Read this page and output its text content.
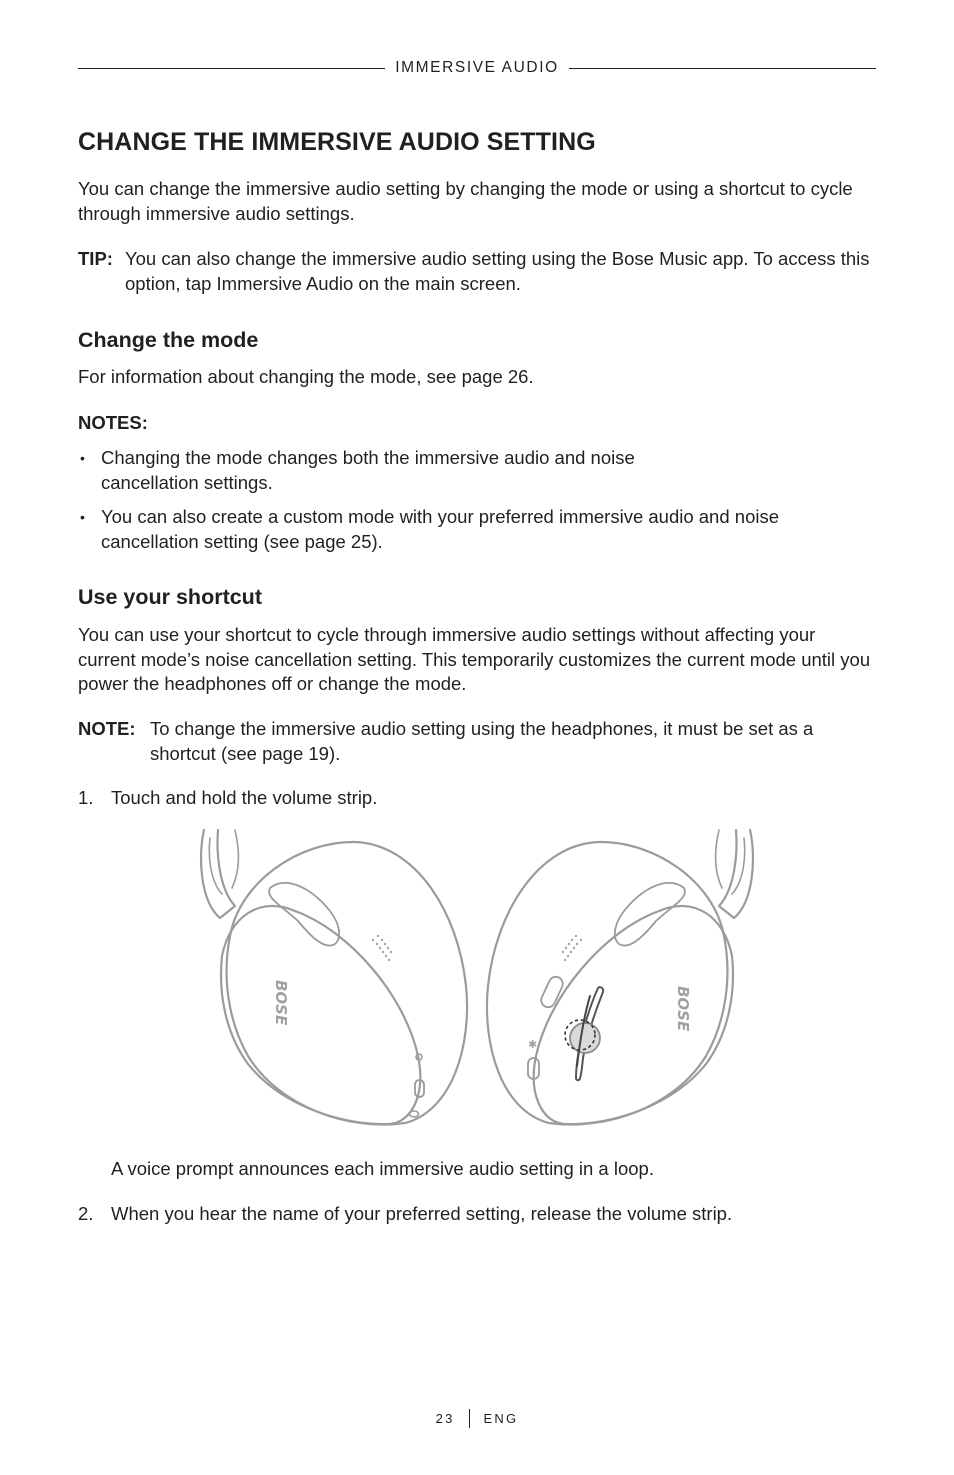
IMMERSIVE AUDIO
CHANGE THE IMMERSIVE AUDIO SETTING

You can change the immersive audio setting by changing the mode or using a shortcut to cycle through immersive audio settings.

TIP: You can also change the immersive audio setting using the Bose Music app. To access this option, tap Immersive Audio on the main screen.
Change the mode

For information about changing the mode, see page 26.

NOTES:
• Changing the mode changes both the immersive audio and noise cancellation settings.
• You can also create a custom mode with your preferred immersive audio and noise cancellation setting (see page 25).
Use your shortcut

You can use your shortcut to cycle through immersive audio settings without affecting your current mode’s noise cancellation setting. This temporarily customizes the current mode until you power the headphones off or change the mode.

NOTE: To change the immersive audio setting using the headphones, it must be set as a shortcut (see page 19).
1. Touch and hold the volume strip.
BOSE
✱
BOSE

A voice prompt announces each immersive audio setting in a loop.

2. When you hear the name of your preferred setting, release the volume strip.
23 ENG
